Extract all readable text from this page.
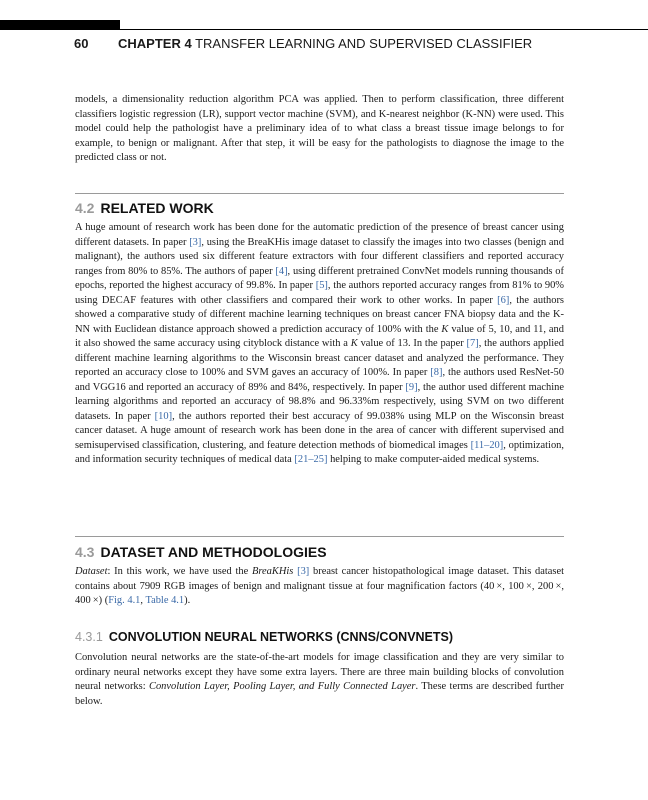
60 CHAPTER 4 TRANSFER LEARNING AND SUPERVISED CLASSIFIER

models, a dimensionality reduction algorithm PCA was applied. Then to perform classification, three different classifiers logistic regression (LR), support vector machine (SVM), and K-nearest neighbor (K-NN) were used. This model could help the pathologist have a preliminary idea of to what class a breast tissue image belongs to for example, to benign or malignant. After that step, it will be easy for the pathologists to diagnose the image to the predicted class or not.

4.2 RELATED WORK

A huge amount of research work has been done for the automatic prediction of the presence of breast cancer using different datasets. In paper [3], using the BreaKHis image dataset to classify the images into two classes (benign and malignant), the authors used six different feature extractors with four different classifiers and reported accuracy ranges from 80% to 85%. The authors of paper [4], using different pretrained ConvNet models running thousands of epochs, reported the highest accuracy of 99.8%. In paper [5], the authors reported accuracy ranges from 81% to 90% using DECAF features with other classifiers and compared their work to other works. In paper [6], the authors showed a comparative study of different machine learning techniques on breast cancer FNA biopsy data and the K-NN with Euclidean distance approach showed a prediction accuracy of 100% with the K value of 5, 10, and 11, and it also showed the same accuracy using cityblock distance with a K value of 13. In the paper [7], the authors applied different machine learning algorithms to the Wisconsin breast cancer dataset and analyzed the performance. They reported an accuracy close to 100% and SVM gaves an accuracy of 100%. In paper [8], the authors used ResNet-50 and VGG16 and reported an accuracy of 89% and 84%, respectively. In paper [9], the author used different machine learning algorithms and reported an accuracy of 98.8% and 96.33%m respectively, using SVM on two different datasets. In paper [10], the authors reported their best accuracy of 99.038% using MLP on the Wisconsin breast cancer dataset. A huge amount of research work has been done in the area of cancer with different supervised and semisupervised classification, clustering, and feature detection methods of biomedical images [11–20], optimization, and information security techniques of medical data [21–25] helping to make computer-aided medical systems.

4.3 DATASET AND METHODOLOGIES

Dataset: In this work, we have used the BreaKHis [3] breast cancer histopathological image dataset. This dataset contains about 7909 RGB images of benign and malignant tissue at four magnification factors (40 ×, 100 ×, 200 ×, 400 ×) (Fig. 4.1, Table 4.1).

4.3.1 CONVOLUTION NEURAL NETWORKS (CNNS/CONVNETS)

Convolution neural networks are the state-of-the-art models for image classification and they are very similar to ordinary neural networks except they have some extra layers. There are three main building blocks of convolution neural networks: Convolution Layer, Pooling Layer, and Fully Connected Layer. These terms are described further below.
